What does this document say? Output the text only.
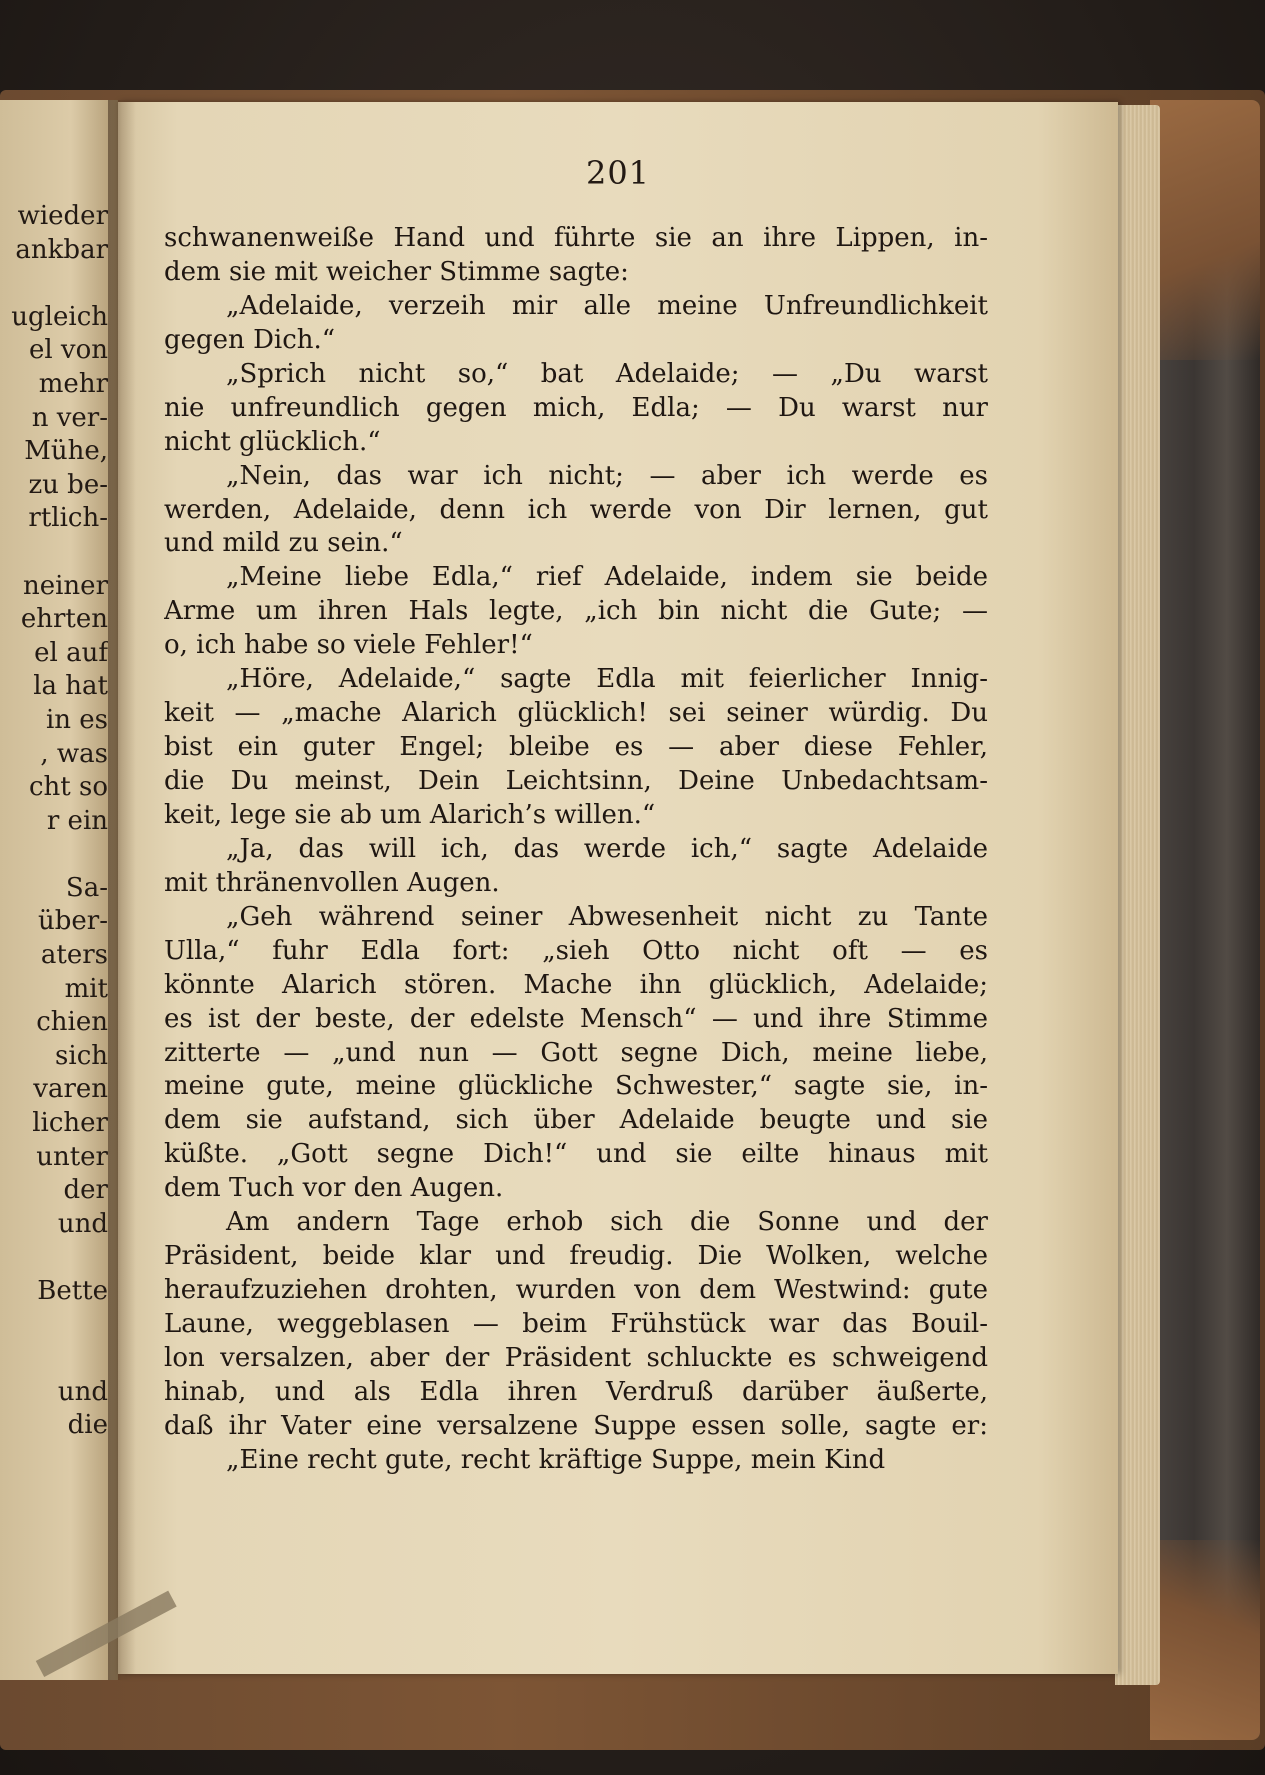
wieder
ankbar
ugleich
el von
mehr
n ver-
Mühe,
zu be-
rtlich-
neiner
ehrten
el auf
la hat
in es
, was
cht so
r ein
Sa-
über-
aters
mit
chien
sich
varen
licher
unter
der
und
Bette
und
die
201
schwanenweiße Hand und führte sie an ihre Lippen, in-
dem sie mit weicher Stimme sagte:
„Adelaide, verzeih mir alle meine Unfreundlichkeit
gegen Dich.“
„Sprich nicht so,“ bat Adelaide; — „Du warst
nie unfreundlich gegen mich, Edla; — Du warst nur
nicht glücklich.“
„Nein, das war ich nicht; — aber ich werde es
werden, Adelaide, denn ich werde von Dir lernen, gut
und mild zu sein.“
„Meine liebe Edla,“ rief Adelaide, indem sie beide
Arme um ihren Hals legte, „ich bin nicht die Gute; —
o, ich habe so viele Fehler!“
„Höre, Adelaide,“ sagte Edla mit feierlicher Innig-
keit — „mache Alarich glücklich! sei seiner würdig. Du
bist ein guter Engel; bleibe es — aber diese Fehler,
die Du meinst, Dein Leichtsinn, Deine Unbedachtsam-
keit, lege sie ab um Alarich’s willen.“
„Ja, das will ich, das werde ich,“ sagte Adelaide
mit thränenvollen Augen.
„Geh während seiner Abwesenheit nicht zu Tante
Ulla,“ fuhr Edla fort: „sieh Otto nicht oft — es
könnte Alarich stören. Mache ihn glücklich, Adelaide;
es ist der beste, der edelste Mensch“ — und ihre Stimme
zitterte — „und nun — Gott segne Dich, meine liebe,
meine gute, meine glückliche Schwester,“ sagte sie, in-
dem sie aufstand, sich über Adelaide beugte und sie
küßte. „Gott segne Dich!“ und sie eilte hinaus mit
dem Tuch vor den Augen.
Am andern Tage erhob sich die Sonne und der
Präsident, beide klar und freudig. Die Wolken, welche
heraufzuziehen drohten, wurden von dem Westwind: gute
Laune, weggeblasen — beim Frühstück war das Bouil-
lon versalzen, aber der Präsident schluckte es schweigend
hinab, und als Edla ihren Verdruß darüber äußerte,
daß ihr Vater eine versalzene Suppe essen solle, sagte er:
„Eine recht gute, recht kräftige Suppe, mein Kind
